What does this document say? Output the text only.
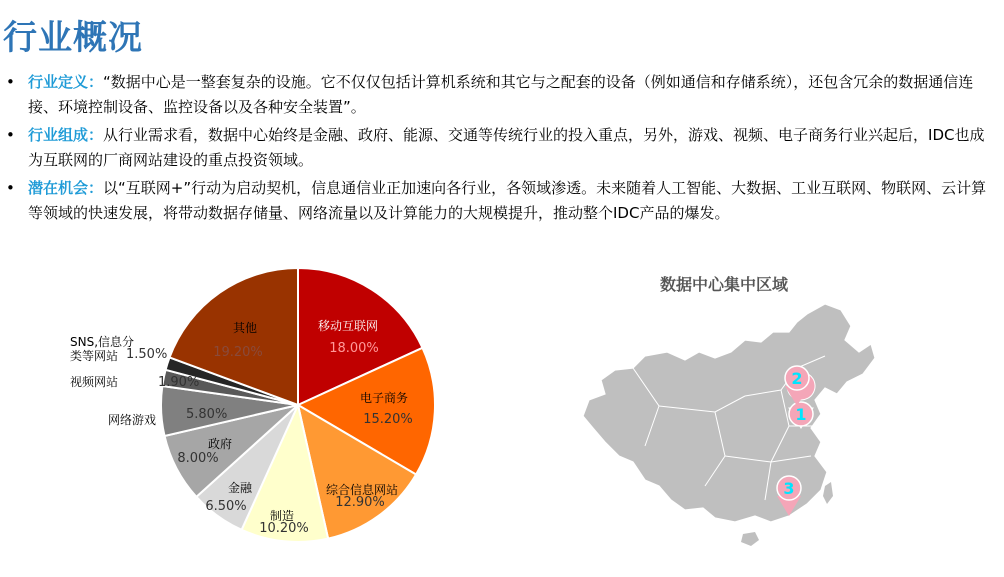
行业概况
• 行业定义：“数据中心是一整套复杂的设施。它不仅仅包括计算机系统和其它与之配套的设备（例如通信和存储系统），还包含冗余的数据通信连接、环境控制设备、监控设备以及各种安全装置”。
• 行业组成：从行业需求看，数据中心始终是金融、政府、能源、交通等传统行业的投入重点，另外，游戏、视频、电子商务行业兴起后，IDC也成为互联网的厂商网站建设的重点投资领域。
• 潜在机会：以“互联网+”行动为启动契机，信息通信业正加速向各行业，各领域渗透。未来随着人工智能、大数据、工业互联网、物联网、云计算等领域的快速发展，将带动数据存储量、网络流量以及计算能力的大规模提升，推动整个IDC产品的爆发。
移动互联网
18.00%
电子商务
15.20%
综合信息网站
12.90%
制造
10.20%
金融
6.50%
政府
8.00%
网络游戏 5.80%
视频网站	1.90%
SNS,信息分类等网站 1.50%
其他
19.20%
数据中心集中区域
1
2
3
